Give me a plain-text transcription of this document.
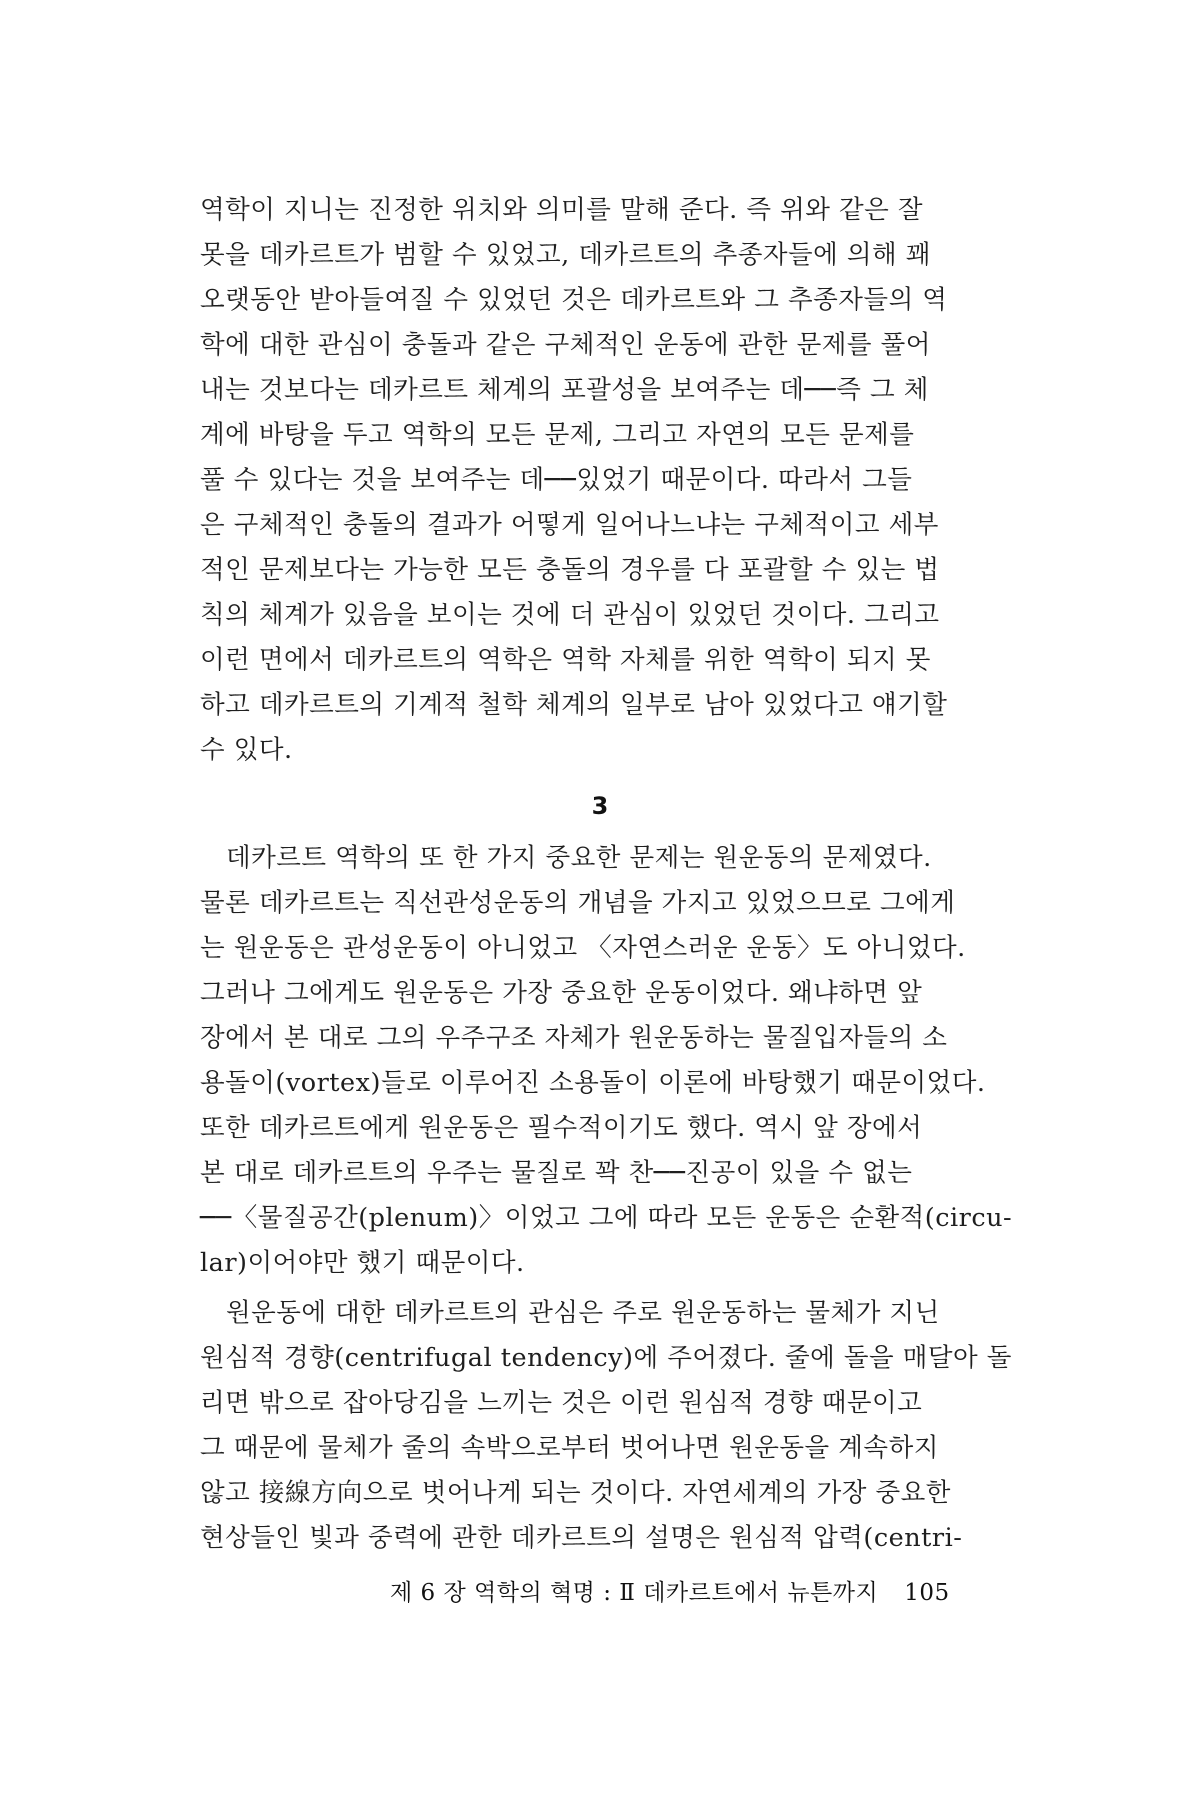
역학이 지니는 진정한 위치와 의미를 말해 준다. 즉 위와 같은 잘
못을 데카르트가 범할 수 있었고, 데카르트의 추종자들에 의해 꽤
오랫동안 받아들여질 수 있었던 것은 데카르트와 그 추종자들의 역
학에 대한 관심이 충돌과 같은 구체적인 운동에 관한 문제를 풀어
내는 것보다는 데카르트 체계의 포괄성을 보여주는 데──즉 그 체
계에 바탕을 두고 역학의 모든 문제, 그리고 자연의 모든 문제를
풀 수 있다는 것을 보여주는 데──있었기 때문이다. 따라서 그들
은 구체적인 충돌의 결과가 어떻게 일어나느냐는 구체적이고 세부
적인 문제보다는 가능한 모든 충돌의 경우를 다 포괄할 수 있는 법
칙의 체계가 있음을 보이는 것에 더 관심이 있었던 것이다. 그리고
이런 면에서 데카르트의 역학은 역학 자체를 위한 역학이 되지 못
하고 데카르트의 기계적 철학 체계의 일부로 남아 있었다고 얘기할
수 있다.
3
데카르트 역학의 또 한 가지 중요한 문제는 원운동의 문제였다.
물론 데카르트는 직선관성운동의 개념을 가지고 있었으므로 그에게
는 원운동은 관성운동이 아니었고 〈자연스러운 운동〉도 아니었다.
그러나 그에게도 원운동은 가장 중요한 운동이었다. 왜냐하면 앞
장에서 본 대로 그의 우주구조 자체가 원운동하는 물질입자들의 소
용돌이(vortex)들로 이루어진 소용돌이 이론에 바탕했기 때문이었다.
또한 데카르트에게 원운동은 필수적이기도 했다. 역시 앞 장에서
본 대로 데카르트의 우주는 물질로 꽉 찬──진공이 있을 수 없는
──〈물질공간(plenum)〉이었고 그에 따라 모든 운동은 순환적(circu-
lar)이어야만 했기 때문이다.
원운동에 대한 데카르트의 관심은 주로 원운동하는 물체가 지닌
원심적 경향(centrifugal tendency)에 주어졌다. 줄에 돌을 매달아 돌
리면 밖으로 잡아당김을 느끼는 것은 이런 원심적 경향 때문이고
그 때문에 물체가 줄의 속박으로부터 벗어나면 원운동을 계속하지
않고 接線方向으로 벗어나게 되는 것이다. 자연세계의 가장 중요한
현상들인 빛과 중력에 관한 데카르트의 설명은 원심적 압력(centri-
제 6 장 역학의 혁명 : Ⅱ 데카르트에서 뉴튼까지 105
